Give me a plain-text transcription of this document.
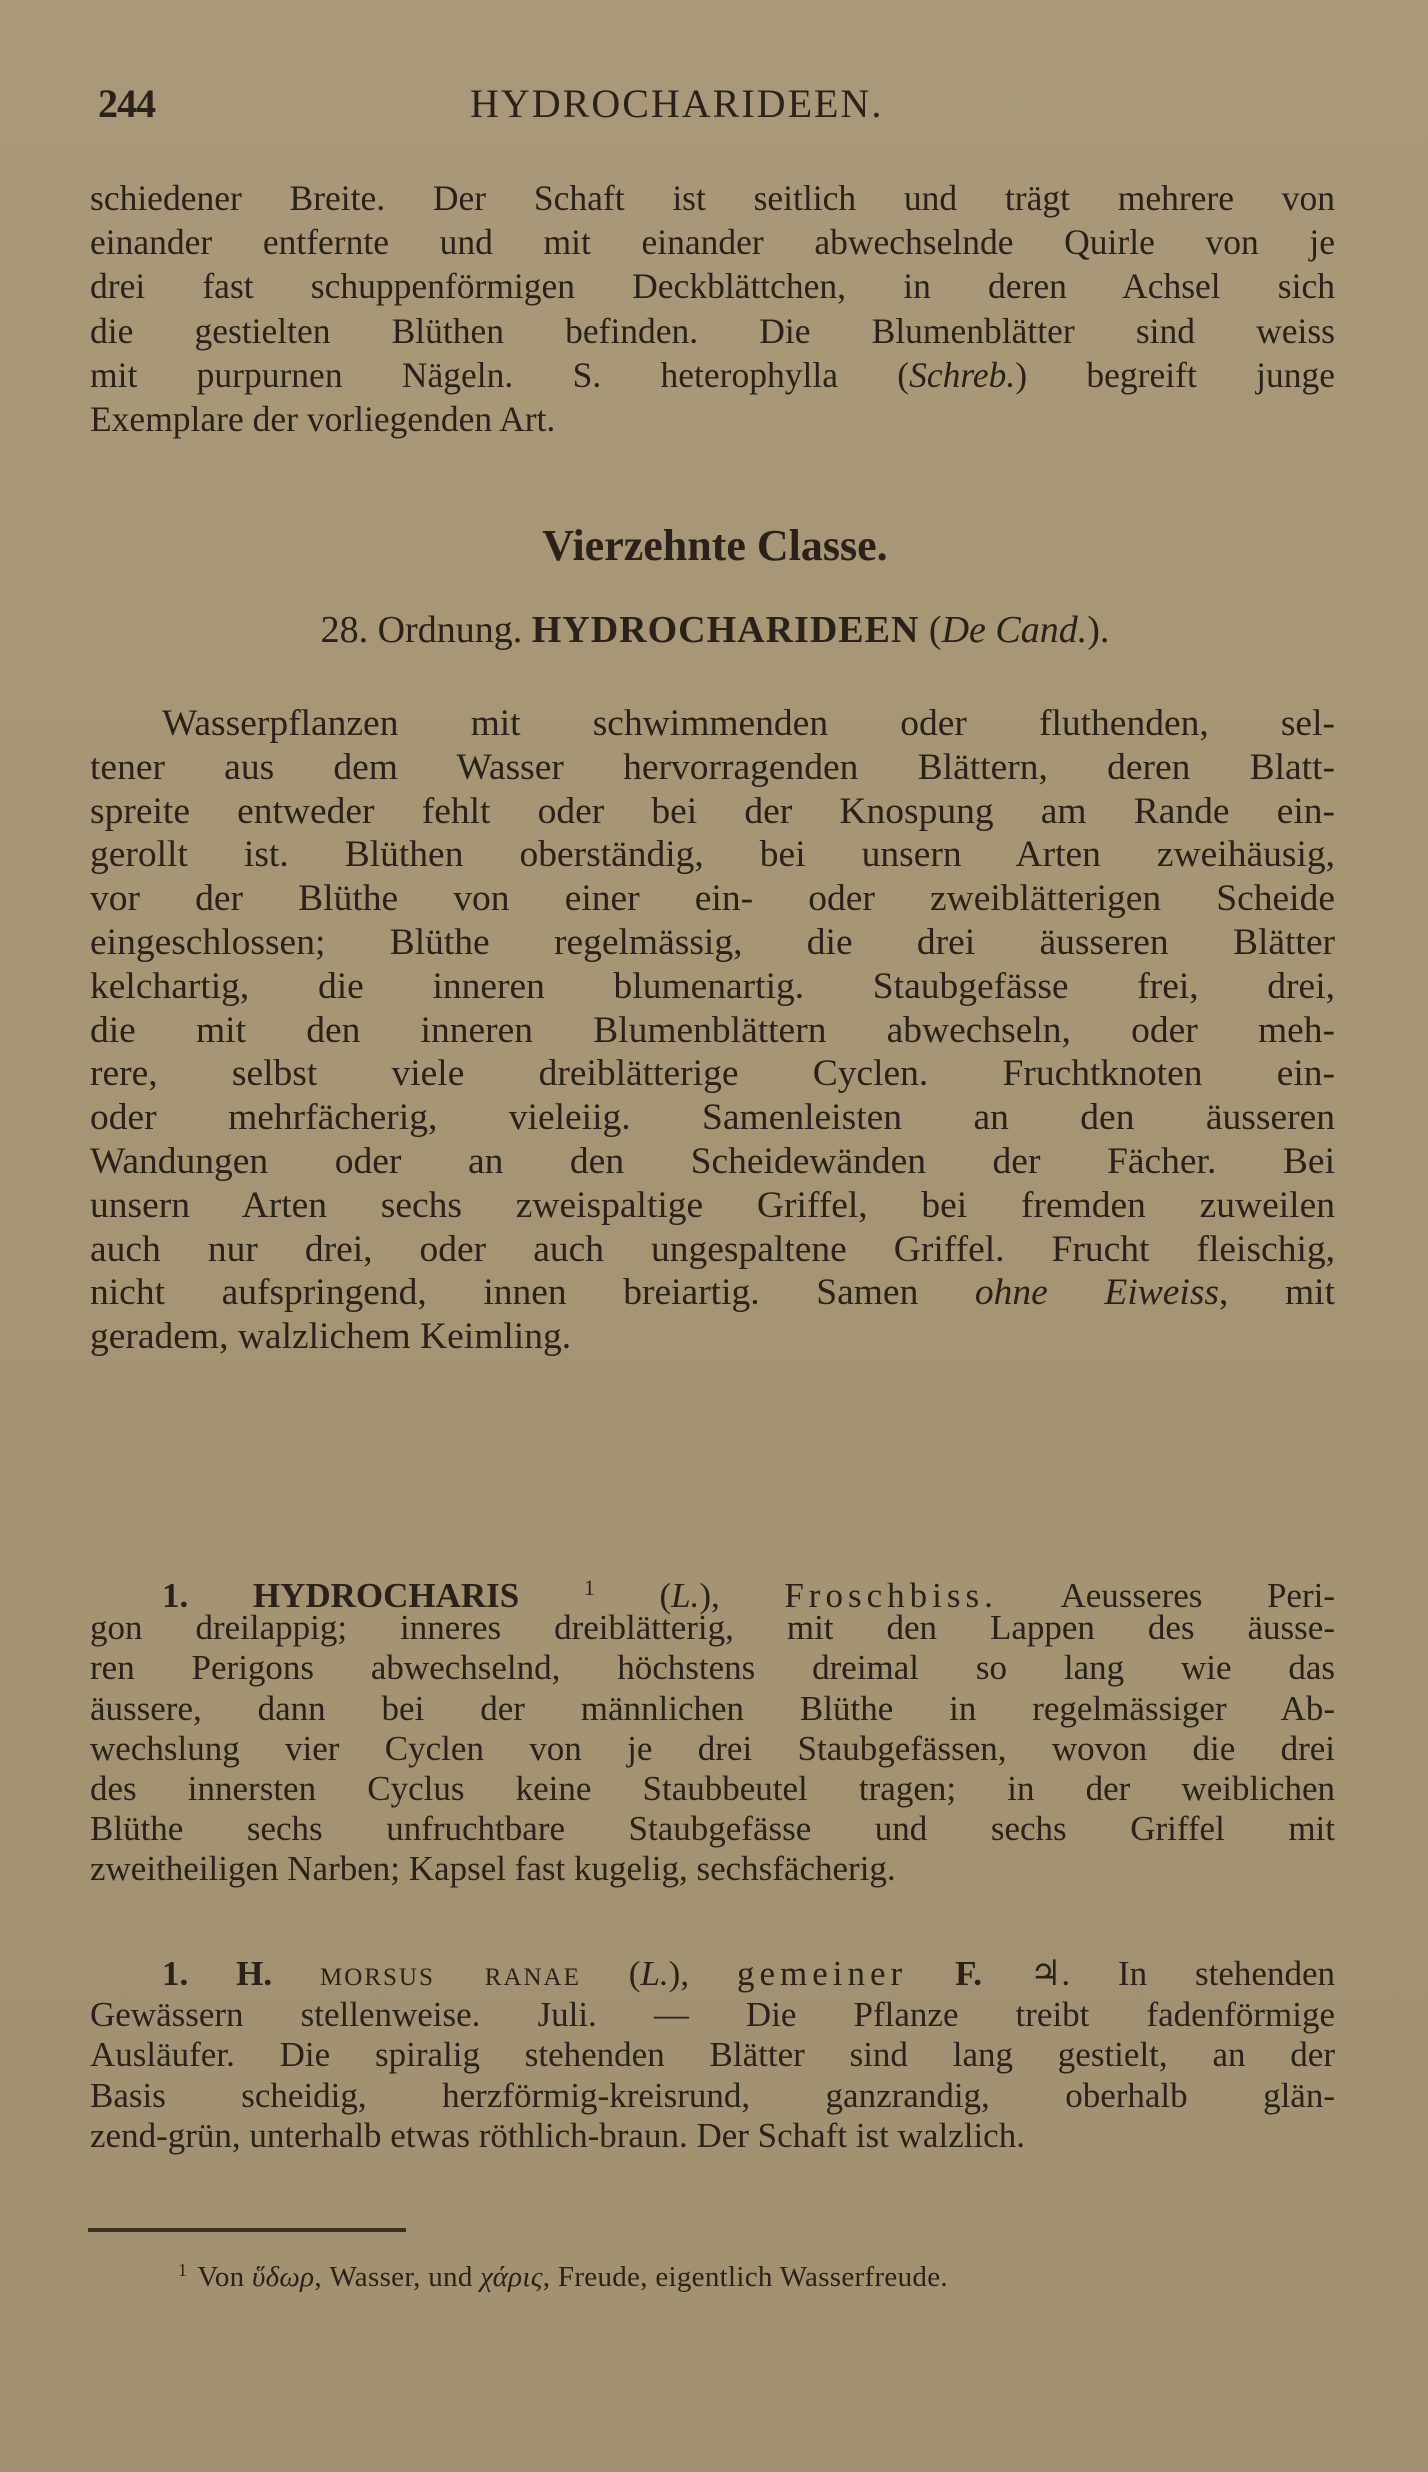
244	HYDROCHARIDEEN.
schiedener Breite. Der Schaft ist seitlich und trägt mehrere von
einander entfernte und mit einander abwechselnde Quirle von je
drei fast schuppenförmigen Deckblättchen, in deren Achsel sich
die gestielten Blüthen befinden. Die Blumenblätter sind weiss
mit purpurnen Nägeln. S. heterophylla (Schreb.) begreift junge
Exemplare der vorliegenden Art.
Vierzehnte Classe.
28. Ordnung. HYDROCHARIDEEN (De Cand.).
Wasserpflanzen mit schwimmenden oder fluthenden, sel-
tener aus dem Wasser hervorragenden Blättern, deren Blatt-
spreite entweder fehlt oder bei der Knospung am Rande ein-
gerollt ist. Blüthen oberständig, bei unsern Arten zweihäusig,
vor der Blüthe von einer ein- oder zweiblätterigen Scheide
eingeschlossen; Blüthe regelmässig, die drei äusseren Blätter
kelchartig, die inneren blumenartig. Staubgefässe frei, drei,
die mit den inneren Blumenblättern abwechseln, oder meh-
rere, selbst viele dreiblätterige Cyclen. Fruchtknoten ein-
oder mehrfächerig, vieleiig. Samenleisten an den äusseren
Wandungen oder an den Scheidewänden der Fächer. Bei
unsern Arten sechs zweispaltige Griffel, bei fremden zuweilen
auch nur drei, oder auch ungespaltene Griffel. Frucht fleischig,
nicht aufspringend, innen breiartig. Samen ohne Eiweiss, mit
geradem, walzlichem Keimling.
1. HYDROCHARIS	$^1$ (L.), Froschbiss. Aeusseres Peri-
gon dreilappig; inneres dreiblätterig, mit den Lappen des äusse-
ren Perigons abwechselnd, höchstens dreimal so lang wie das
äussere, dann bei der männlichen Blüthe in regelmässiger Ab-
wechslung vier Cyclen von je drei Staubgefässen, wovon die drei
des innersten Cyclus keine Staubbeutel tragen; in der weiblichen
Blüthe sechs unfruchtbare Staubgefässe und sechs Griffel mit
zweitheiligen Narben; Kapsel fast kugelig, sechsfächerig.
1. H. morsus ranae (L.), gemeiner F. ♃. In stehenden
Gewässern stellenweise. Juli. — Die Pflanze treibt fadenförmige
Ausläufer. Die spiralig stehenden Blätter sind lang gestielt, an der
Basis scheidig, herzförmig-kreisrund, ganzrandig, oberhalb glän-
zend-grün, unterhalb etwas röthlich-braun. Der Schaft ist walzlich.
$^1$ Von ὕδωρ, Wasser, und χάρις, Freude, eigentlich Wasserfreude.
